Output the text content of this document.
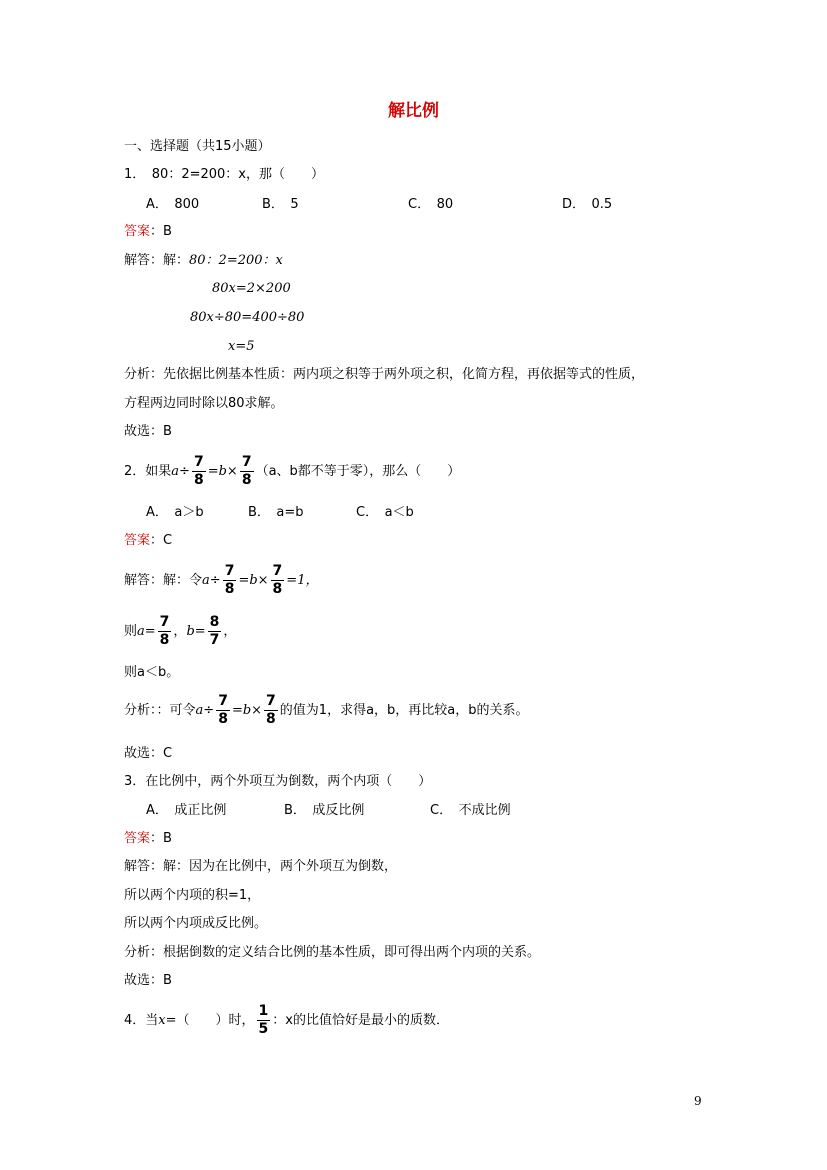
解比例
一、选择题（共15小题）
1．　80：2=200：x，那（　　）
A．　800	B．　5	C．　80	D．　0.5
答案：B
解答：解：80：2=200：x
80x=2×200
80x÷80=400÷80
x=5
分析：先依据比例基本性质：两内项之积等于两外项之积，化简方程，再依据等式的性质，
方程两边同时除以80求解。
故选：B
2．如果$a\div \frac{7}{8} =b\times \frac{7}{8} (a$、b都不等于零），那么（　　）
A．　a＞b	B．　a=b	C．　a＜b
答案：C
解答：解：令$a\div \frac{7}{8} =b\times \frac{7}{8} =1$，
则$a= \frac{7}{8}$ ，$b= \frac{8}{7}$ ，
则a＜b。
分析：：可令$a\div \frac{7}{8} =b\times \frac{7}{8}$ 的值为1，求得a，b，再比较a，b的关系。
故选：C
3．在比例中，两个外项互为倒数，两个内项（　　）
A．　成正比例	B．　成反比例	C．　不成比例
答案：B
解答：解：因为在比例中，两个外项互为倒数，
所以两个内项的积=1，
所以两个内项成反比例。
分析：根据倒数的定义结合比例的基本性质，即可得出两个内项的关系。
故选：B
4．当x=（　　）时， $\frac{1}{5}$ ：x的比值恰好是最小的质数．
9
